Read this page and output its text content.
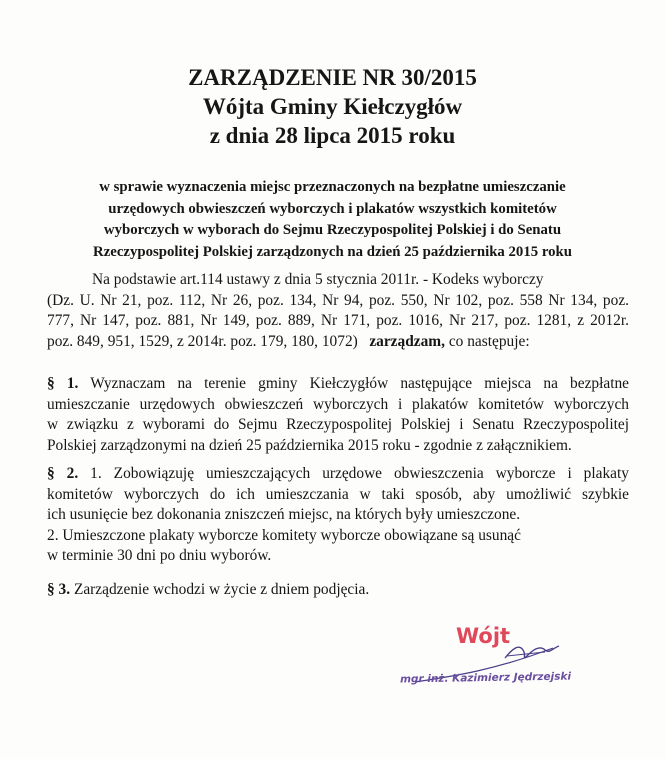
ZARZĄDZENIE NR 30/2015
Wójta Gminy Kiełczygłów
z dnia 28 lipca 2015 roku
w sprawie wyznaczenia miejsc przeznaczonych na bezpłatne umieszczanie
urzędowych obwieszczeń wyborczych i plakatów wszystkich komitetów
wyborczych w wyborach do Sejmu Rzeczypospolitej Polskiej i do Senatu
Rzeczypospolitej Polskiej zarządzonych na dzień 25 października 2015 roku
Na podstawie art.114 ustawy z dnia 5 stycznia 2011r. - Kodeks wyborczy
(Dz. U. Nr 21, poz. 112, Nr 26, poz. 134, Nr 94, poz. 550, Nr 102, poz. 558 Nr 134, poz.
777, Nr 147, poz. 881, Nr 149, poz. 889, Nr 171, poz. 1016, Nr 217, poz. 1281, z 2012r.
poz. 849, 951, 1529, z 2014r. poz. 179, 180, 1072) zarządzam, co następuje:
§ 1. Wyznaczam na terenie gminy Kiełczygłów następujące miejsca na bezpłatne
umieszczanie urzędowych obwieszczeń wyborczych i plakatów komitetów wyborczych
w związku z wyborami do Sejmu Rzeczypospolitej Polskiej i Senatu Rzeczypospolitej
Polskiej zarządzonymi na dzień 25 października 2015 roku - zgodnie z załącznikiem.
§ 2. 1. Zobowiązuję umieszczających urzędowe obwieszczenia wyborcze i plakaty
komitetów wyborczych do ich umieszczania w taki sposób, aby umożliwić szybkie
ich usunięcie bez dokonania zniszczeń miejsc, na których były umieszczone.
2. Umieszczone plakaty wyborcze komitety wyborcze obowiązane są usunąć
w terminie 30 dni po dniu wyborów.
§ 3. Zarządzenie wchodzi w życie z dniem podjęcia.
Wójt
mgr inż. Kazimierz Jędrzejski
